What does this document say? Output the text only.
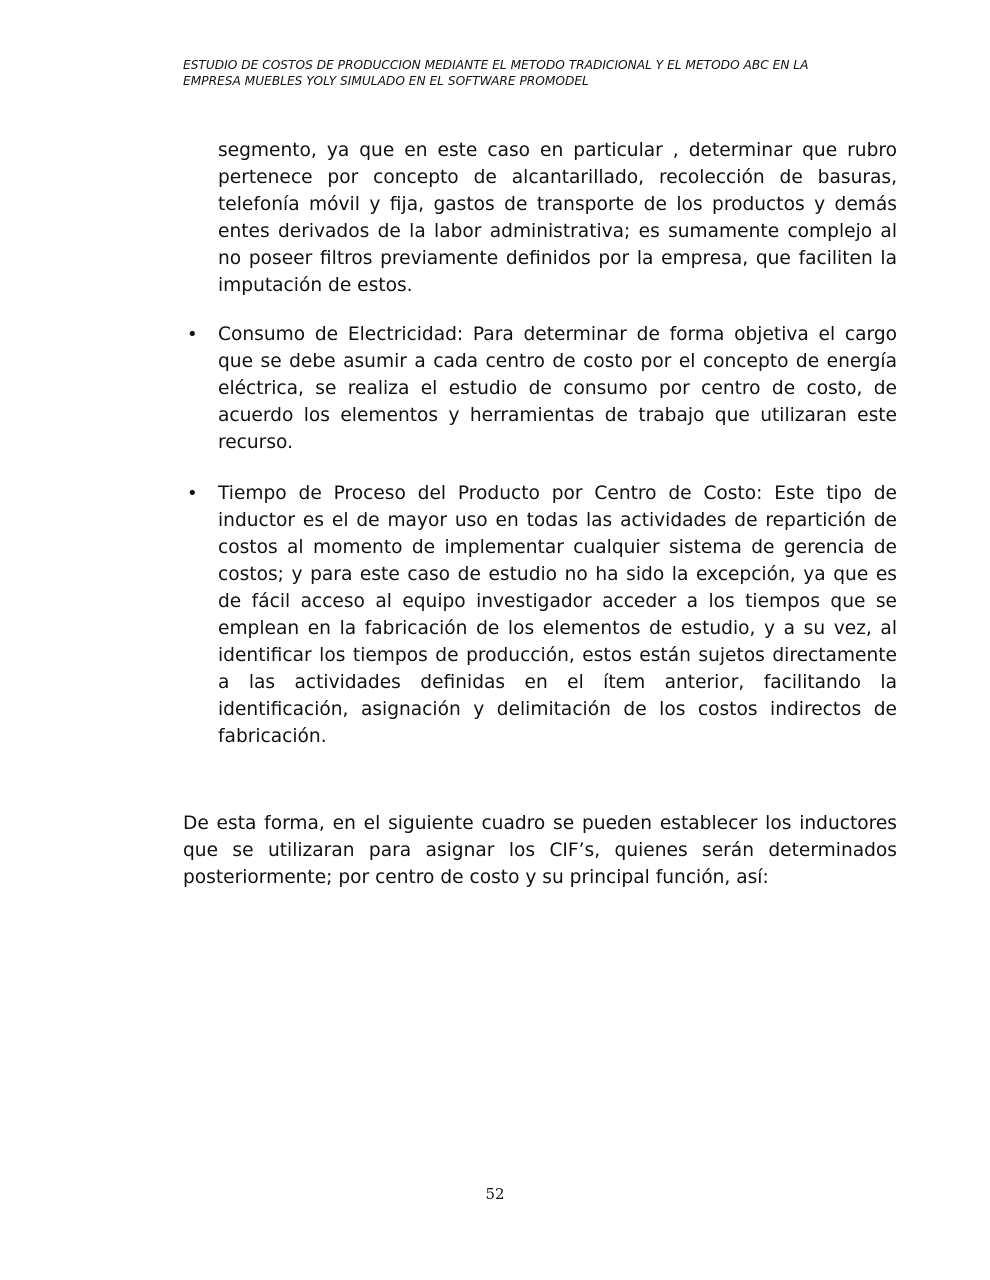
ESTUDIO DE COSTOS DE PRODUCCION MEDIANTE EL METODO TRADICIONAL Y EL METODO ABC EN LA
EMPRESA MUEBLES YOLY SIMULADO EN EL SOFTWARE PROMODEL

segmento, ya que en este caso en particular , determinar que rubro pertenece por concepto de alcantarillado, recolección de basuras, telefonía móvil y fija, gastos de transporte de los productos y demás entes derivados de la labor administrativa; es sumamente complejo al no poseer filtros previamente definidos por la empresa, que faciliten la imputación de estos.

• Consumo de Electricidad: Para determinar de forma objetiva el cargo que se debe asumir a cada centro de costo por el concepto de energía eléctrica, se realiza el estudio de consumo por centro de costo, de acuerdo los elementos y herramientas de trabajo que utilizaran este recurso.

• Tiempo de Proceso del Producto por Centro de Costo: Este tipo de inductor es el de mayor uso en todas las actividades de repartición de costos al momento de implementar cualquier sistema de gerencia de costos; y para este caso de estudio no ha sido la excepción, ya que es de fácil acceso al equipo investigador acceder a los tiempos que se emplean en la fabricación de los elementos de estudio, y a su vez, al identificar los tiempos de producción, estos están sujetos directamente a las actividades definidas en el ítem anterior, facilitando la identificación, asignación y delimitación de los costos indirectos de fabricación.

De esta forma, en el siguiente cuadro se pueden establecer los inductores que se utilizaran para asignar los CIF’s, quienes serán determinados posteriormente; por centro de costo y su principal función, así:

52
